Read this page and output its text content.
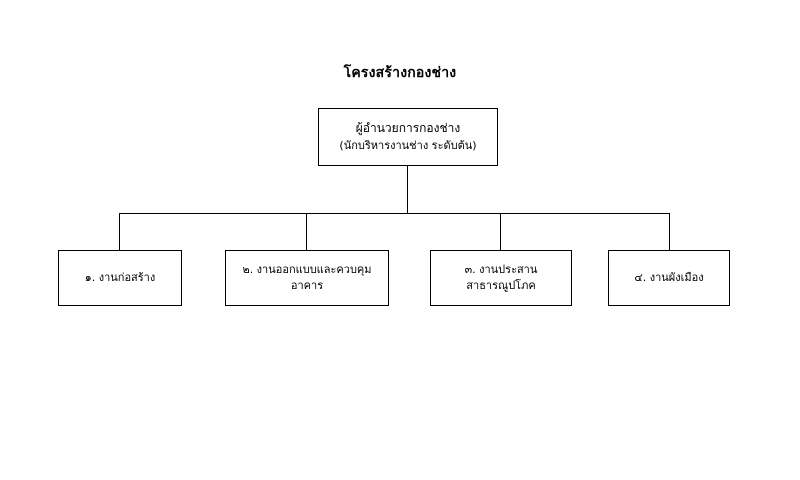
โครงสร้างกองช่าง
ผู้อำนวยการกองช่าง
(นักบริหารงานช่าง ระดับต้น)
๑. งานก่อสร้าง
๒. งานออกแบบและควบคุมอาคาร
๓. งานประสานสาธารณูปโภค
๔. งานผังเมือง
